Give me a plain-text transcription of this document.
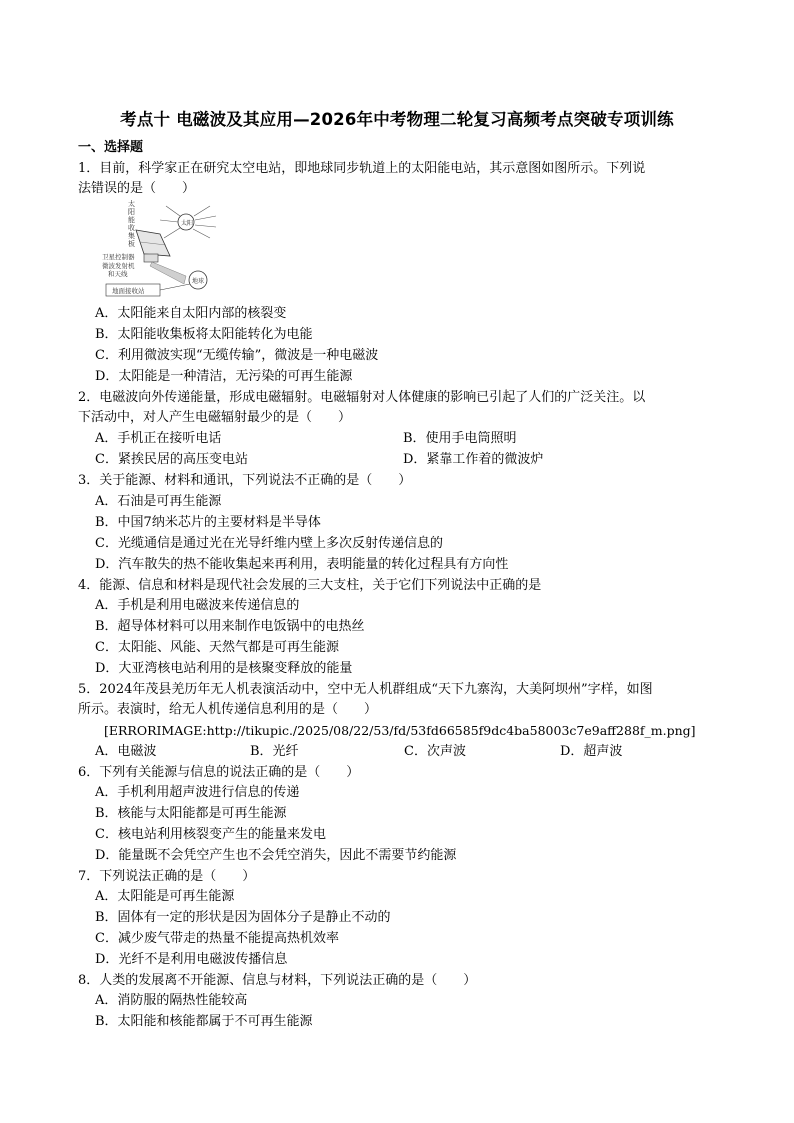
考点十 电磁波及其应用—2026年中考物理二轮复习高频考点突破专项训练
一、选择题
1．目前，科学家正在研究太空电站，即地球同步轨道上的太阳能电站，其示意图如图所示。下列说
法错误的是（　　）
太
阳
能
收
集
板
太阳
卫星控制器
微波发射机
和天线
地球
地面接收站
A．太阳能来自太阳内部的核裂变
B．太阳能收集板将太阳能转化为电能
C．利用微波实现“无缆传输”，微波是一种电磁波
D．太阳能是一种清洁，无污染的可再生能源
2．电磁波向外传递能量，形成电磁辐射。电磁辐射对人体健康的影响已引起了人们的广泛关注。以
下活动中，对人产生电磁辐射最少的是（　　）
A．手机正在接听电话	B．使用手电筒照明
C．紧挨民居的高压变电站	D．紧靠工作着的微波炉
3．关于能源、材料和通讯，下列说法不正确的是（　　）
A．石油是可再生能源
B．中国7纳米芯片的主要材料是半导体
C．光缆通信是通过光在光导纤维内壁上多次反射传递信息的
D．汽车散失的热不能收集起来再利用，表明能量的转化过程具有方向性
4．能源、信息和材料是现代社会发展的三大支柱，关于它们下列说法中正确的是
A．手机是利用电磁波来传递信息的
B．超导体材料可以用来制作电饭锅中的电热丝
C．太阳能、风能、天然气都是可再生能源
D．大亚湾核电站利用的是核聚变释放的能量
5．2024年茂县羌历年无人机表演活动中，空中无人机群组成“天下九寨沟，大美阿坝州”字样，如图
所示。表演时，给无人机传递信息利用的是（　　）
[ERRORIMAGE:http://tikupic./2025/08/22/53/fd/53fd66585f9dc4ba58003c7e9aff288f_m.png]
A．电磁波	B．光纤	C．次声波	D．超声波
6．下列有关能源与信息的说法正确的是（　　）
A．手机利用超声波进行信息的传递
B．核能与太阳能都是可再生能源
C．核电站利用核裂变产生的能量来发电
D．能量既不会凭空产生也不会凭空消失，因此不需要节约能源
7．下列说法正确的是（　　）
A．太阳能是可再生能源
B．固体有一定的形状是因为固体分子是静止不动的
C．减少废气带走的热量不能提高热机效率
D．光纤不是利用电磁波传播信息
8．人类的发展离不开能源、信息与材料，下列说法正确的是（　　）
A．消防服的隔热性能较高
B．太阳能和核能都属于不可再生能源
